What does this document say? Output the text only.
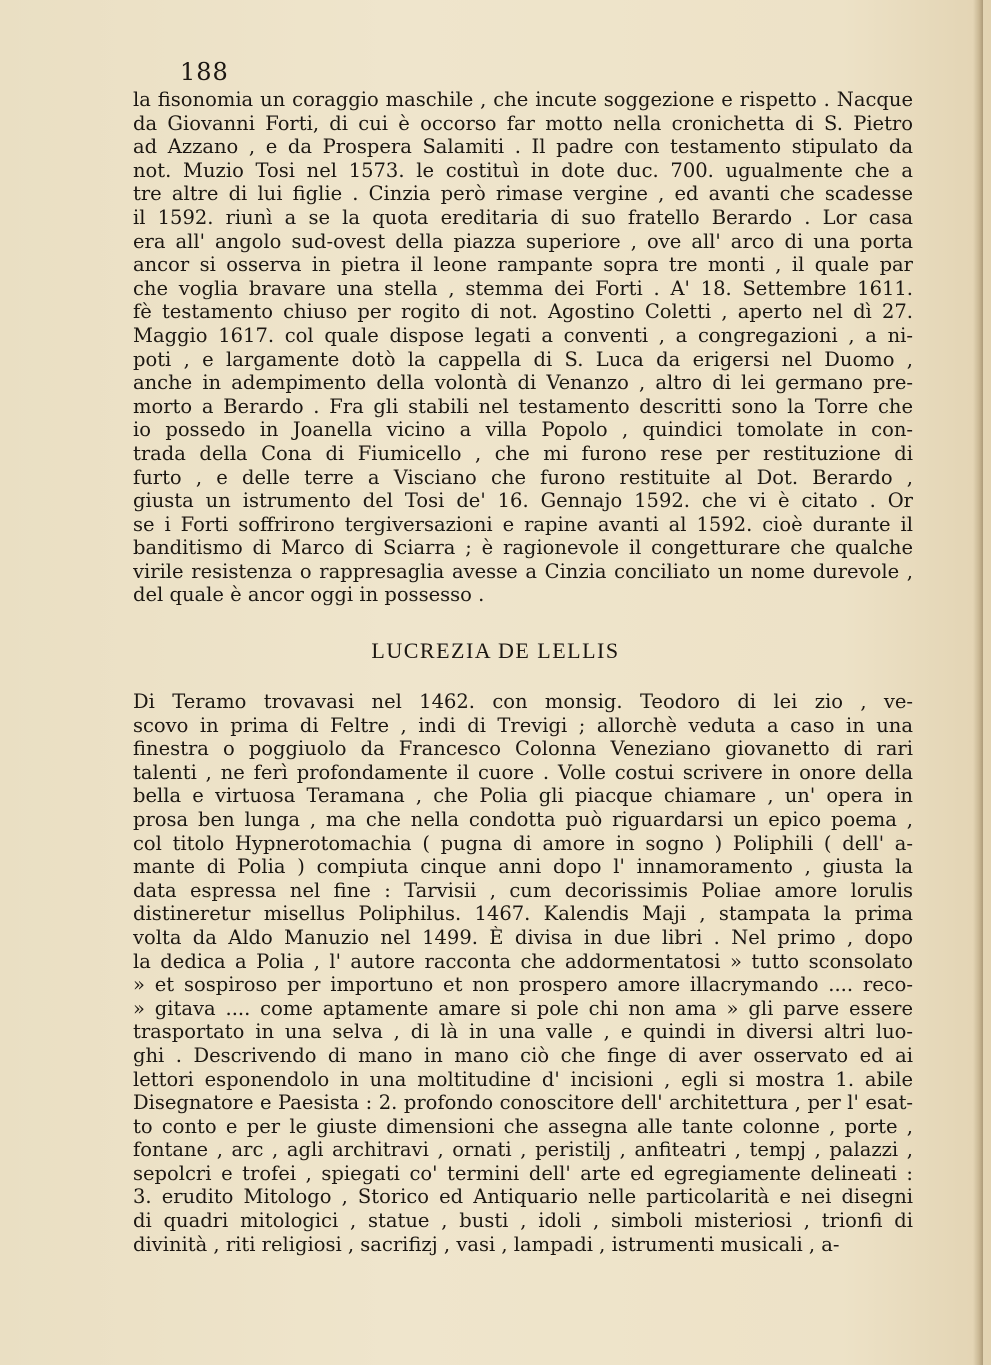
188
la fisonomia un coraggio maschile , che incute soggezione e rispetto . Nacque
da Giovanni Forti, di cui è occorso far motto nella cronichetta di S. Pietro
ad Azzano , e da Prospera Salamiti . Il padre con testamento stipulato da
not. Muzio Tosi nel 1573. le costituì in dote duc. 700. ugualmente che a
tre altre di lui figlie . Cinzia però rimase vergine , ed avanti che scadesse
il 1592. riunì a se la quota ereditaria di suo fratello Berardo . Lor casa
era all' angolo sud-ovest della piazza superiore , ove all' arco di una porta
ancor si osserva in pietra il leone rampante sopra tre monti , il quale par
che voglia bravare una stella , stemma dei Forti . A' 18. Settembre 1611.
fè testamento chiuso per rogito di not. Agostino Coletti , aperto nel dì 27.
Maggio 1617. col quale dispose legati a conventi , a congregazioni , a ni-
poti , e largamente dotò la cappella di S. Luca da erigersi nel Duomo ,
anche in adempimento della volontà di Venanzo , altro di lei germano pre-
morto a Berardo . Fra gli stabili nel testamento descritti sono la Torre che
io possedo in Joanella vicino a villa Popolo , quindici tomolate in con-
trada della Cona di Fiumicello , che mi furono rese per restituzione di
furto , e delle terre a Visciano che furono restituite al Dot. Berardo ,
giusta un istrumento del Tosi de' 16. Gennajo 1592. che vi è citato . Or
se i Forti soffrirono tergiversazioni e rapine avanti al 1592. cioè durante il
banditismo di Marco di Sciarra ; è ragionevole il congetturare che qualche
virile resistenza o rappresaglia avesse a Cinzia conciliato un nome durevole ,
del quale è ancor oggi in possesso .
LUCREZIA DE LELLIS
Di Teramo trovavasi nel 1462. con monsig. Teodoro di lei zio , ve-
scovo in prima di Feltre , indi di Trevigi ; allorchè veduta a caso in una
finestra o poggiuolo da Francesco Colonna Veneziano giovanetto di rari
talenti , ne ferì profondamente il cuore . Volle costui scrivere in onore della
bella e virtuosa Teramana , che Polia gli piacque chiamare , un' opera in
prosa ben lunga , ma che nella condotta può riguardarsi un epico poema ,
col titolo Hypnerotomachia ( pugna di amore in sogno ) Poliphili ( dell' a-
mante di Polia ) compiuta cinque anni dopo l' innamoramento , giusta la
data espressa nel fine : Tarvisii , cum decorissimis Poliae amore lorulis
distineretur misellus Poliphilus. 1467. Kalendis Maji , stampata la prima
volta da Aldo Manuzio nel 1499. È divisa in due libri . Nel primo , dopo
la dedica a Polia , l' autore racconta che addormentatosi » tutto sconsolato
» et sospiroso per importuno et non prospero amore illacrymando .... reco-
» gitava .... come aptamente amare si pole chi non ama » gli parve essere
trasportato in una selva , di là in una valle , e quindi in diversi altri luo-
ghi . Descrivendo di mano in mano ciò che finge di aver osservato ed ai
lettori esponendolo in una moltitudine d' incisioni , egli si mostra 1. abile
Disegnatore e Paesista : 2. profondo conoscitore dell' architettura , per l' esat-
to conto e per le giuste dimensioni che assegna alle tante colonne , porte ,
fontane , arc , agli architravi , ornati , peristilj , anfiteatri , tempj , palazzi ,
sepolcri e trofei , spiegati co' termini dell' arte ed egregiamente delineati :
3. erudito Mitologo , Storico ed Antiquario nelle particolarità e nei disegni
di quadri mitologici , statue , busti , idoli , simboli misteriosi , trionfi di
divinità , riti religiosi , sacrifizj , vasi , lampadi , istrumenti musicali , a-
